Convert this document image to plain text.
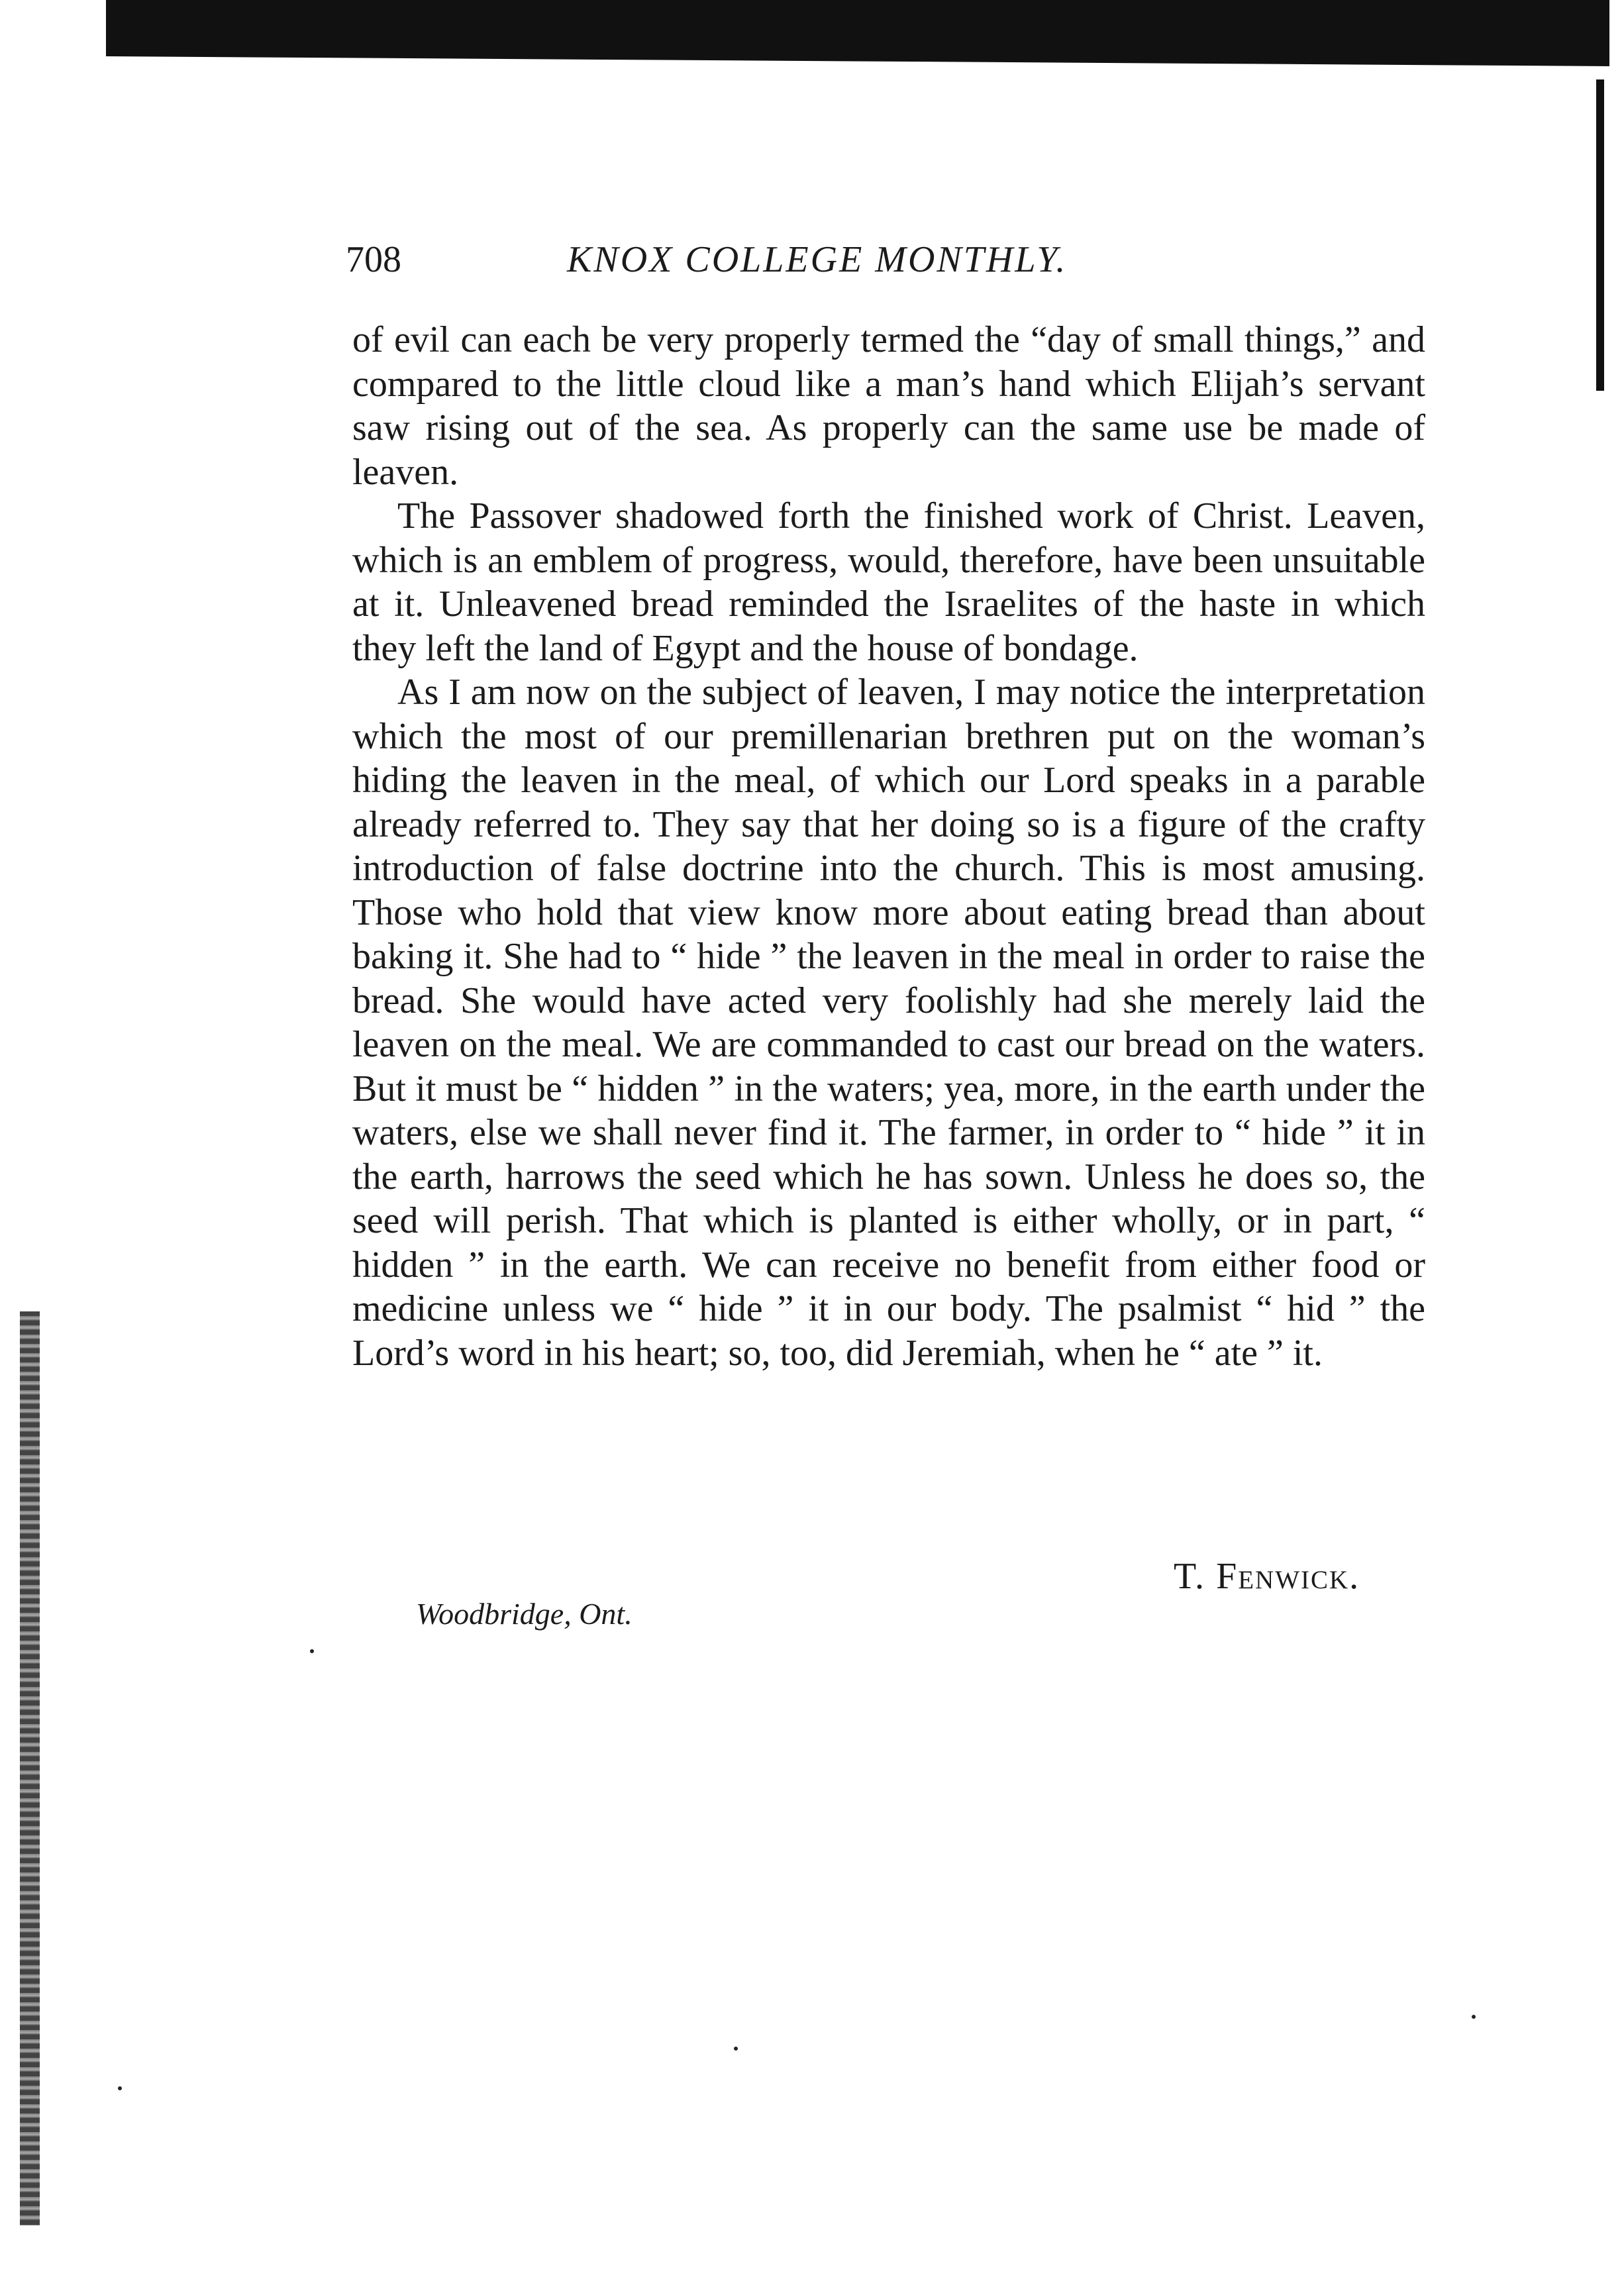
708	KNOX COLLEGE MONTHLY.

of evil can each be very properly termed the “day of small things,” and compared to the little cloud like a man’s hand which Elijah’s servant saw rising out of the sea. As properly can the same use be made of leaven.

The Passover shadowed forth the finished work of Christ. Leaven, which is an emblem of progress, would, therefore, have been unsuitable at it. Unleavened bread reminded the Israelites of the haste in which they left the land of Egypt and the house of bondage.

As I am now on the subject of leaven, I may notice the interpretation which the most of our premillenarian brethren put on the woman’s hiding the leaven in the meal, of which our Lord speaks in a parable already referred to. They say that her doing so is a figure of the crafty introduction of false doctrine into the church. This is most amusing. Those who hold that view know more about eating bread than about baking it. She had to “ hide ” the leaven in the meal in order to raise the bread. She would have acted very foolishly had she merely laid the leaven on the meal. We are commanded to cast our bread on the waters. But it must be “ hidden ” in the waters; yea, more, in the earth under the waters, else we shall never find it. The farmer, in order to “ hide ” it in the earth, harrows the seed which he has sown. Unless he does so, the seed will perish. That which is planted is either wholly, or in part, “ hidden ” in the earth. We can receive no benefit from either food or medicine unless we “ hide ” it in our body. The psalmist “ hid ” the Lord’s word in his heart; so, too, did Jeremiah, when he “ ate ” it.

T. Fenwick.
Woodbridge, Ont.
